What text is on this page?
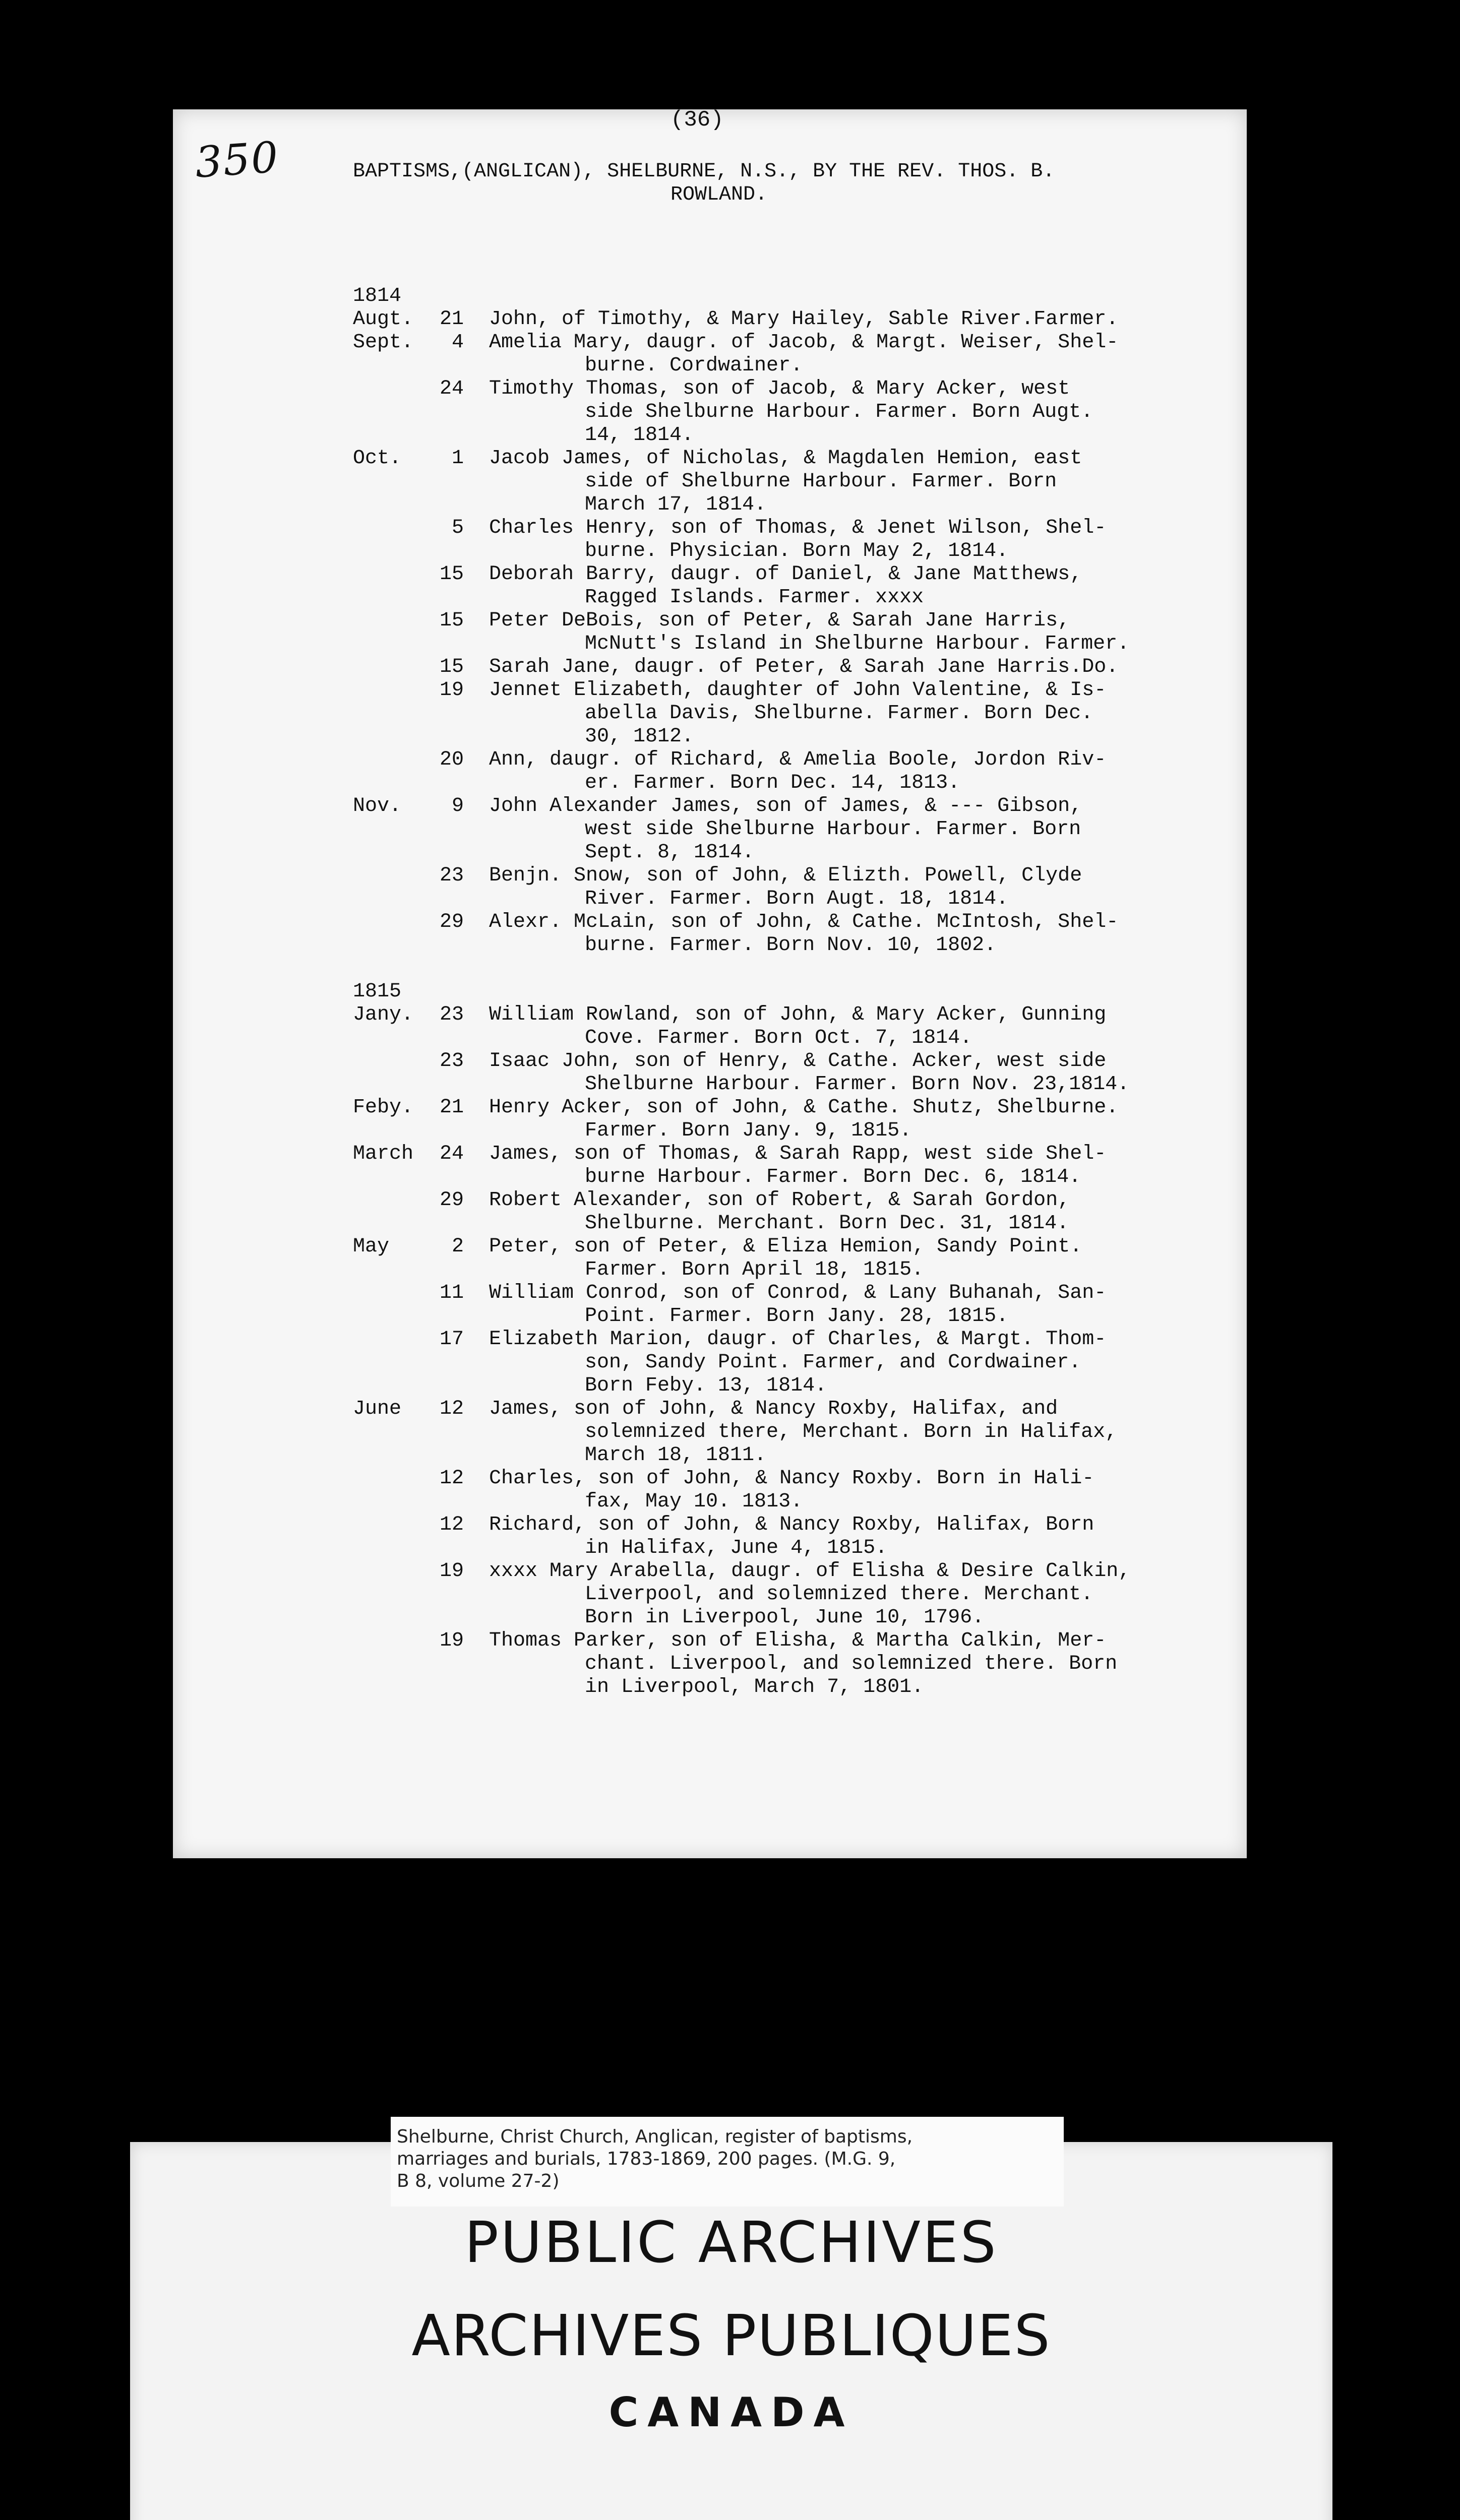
350
(36)
BAPTISMS,(ANGLICAN), SHELBURNE, N.S., BY THE REV. THOS. B.
ROWLAND.
1814
Augt.	21	John, of Timothy, & Mary Hailey, Sable River.Farmer.
Sept.	4	Amelia Mary, daugr. of Jacob, & Margt. Weiser, Shel-
burne. Cordwainer.
24	Timothy Thomas, son of Jacob, & Mary Acker, west
side Shelburne Harbour. Farmer. Born Augt.
14, 1814.
Oct.	1	Jacob James, of Nicholas, & Magdalen Hemion, east
side of Shelburne Harbour. Farmer. Born
March 17, 1814.
5	Charles Henry, son of Thomas, & Jenet Wilson, Shel-
burne. Physician. Born May 2, 1814.
15	Deborah Barry, daugr. of Daniel, & Jane Matthews,
Ragged Islands. Farmer. xxxx
15	Peter DeBois, son of Peter, & Sarah Jane Harris,
McNutt's Island in Shelburne Harbour. Farmer.
15	Sarah Jane, daugr. of Peter, & Sarah Jane Harris.Do.
19	Jennet Elizabeth, daughter of John Valentine, & Is-
abella Davis, Shelburne. Farmer. Born Dec.
30, 1812.
20	Ann, daugr. of Richard, & Amelia Boole, Jordon Riv-
er. Farmer. Born Dec. 14, 1813.
Nov.	9	John Alexander James, son of James, & --- Gibson,
west side Shelburne Harbour. Farmer. Born
Sept. 8, 1814.
23	Benjn. Snow, son of John, & Elizth. Powell, Clyde
River. Farmer. Born Augt. 18, 1814.
29	Alexr. McLain, son of John, & Cathe. McIntosh, Shel-
burne. Farmer. Born Nov. 10, 1802.
1815
Jany.	23	William Rowland, son of John, & Mary Acker, Gunning
Cove. Farmer. Born Oct. 7, 1814.
23	Isaac John, son of Henry, & Cathe. Acker, west side
Shelburne Harbour. Farmer. Born Nov. 23,1814.
Feby.	21	Henry Acker, son of John, & Cathe. Shutz, Shelburne.
Farmer. Born Jany. 9, 1815.
March	24	James, son of Thomas, & Sarah Rapp, west side Shel-
burne Harbour. Farmer. Born Dec. 6, 1814.
29	Robert Alexander, son of Robert, & Sarah Gordon,
Shelburne. Merchant. Born Dec. 31, 1814.
May	2	Peter, son of Peter, & Eliza Hemion, Sandy Point.
Farmer. Born April 18, 1815.
11	William Conrod, son of Conrod, & Lany Buhanah, San-
Point. Farmer. Born Jany. 28, 1815.
17	Elizabeth Marion, daugr. of Charles, & Margt. Thom-
son, Sandy Point. Farmer, and Cordwainer.
Born Feby. 13, 1814.
June	12	James, son of John, & Nancy Roxby, Halifax, and
solemnized there, Merchant. Born in Halifax,
March 18, 1811.
12	Charles, son of John, & Nancy Roxby. Born in Hali-
fax, May 10. 1813.
12	Richard, son of John, & Nancy Roxby, Halifax, Born
in Halifax, June 4, 1815.
19	xxxx Mary Arabella, daugr. of Elisha & Desire Calkin,
Liverpool, and solemnized there. Merchant.
Born in Liverpool, June 10, 1796.
19	Thomas Parker, son of Elisha, & Martha Calkin, Mer-
chant. Liverpool, and solemnized there. Born
in Liverpool, March 7, 1801.
PUBLIC ARCHIVES
ARCHIVES PUBLIQUES
CANADA
Shelburne, Christ Church, Anglican, register of baptisms,
marriages and burials, 1783-1869, 200 pages. (M.G. 9,
B 8, volume 27-2)
